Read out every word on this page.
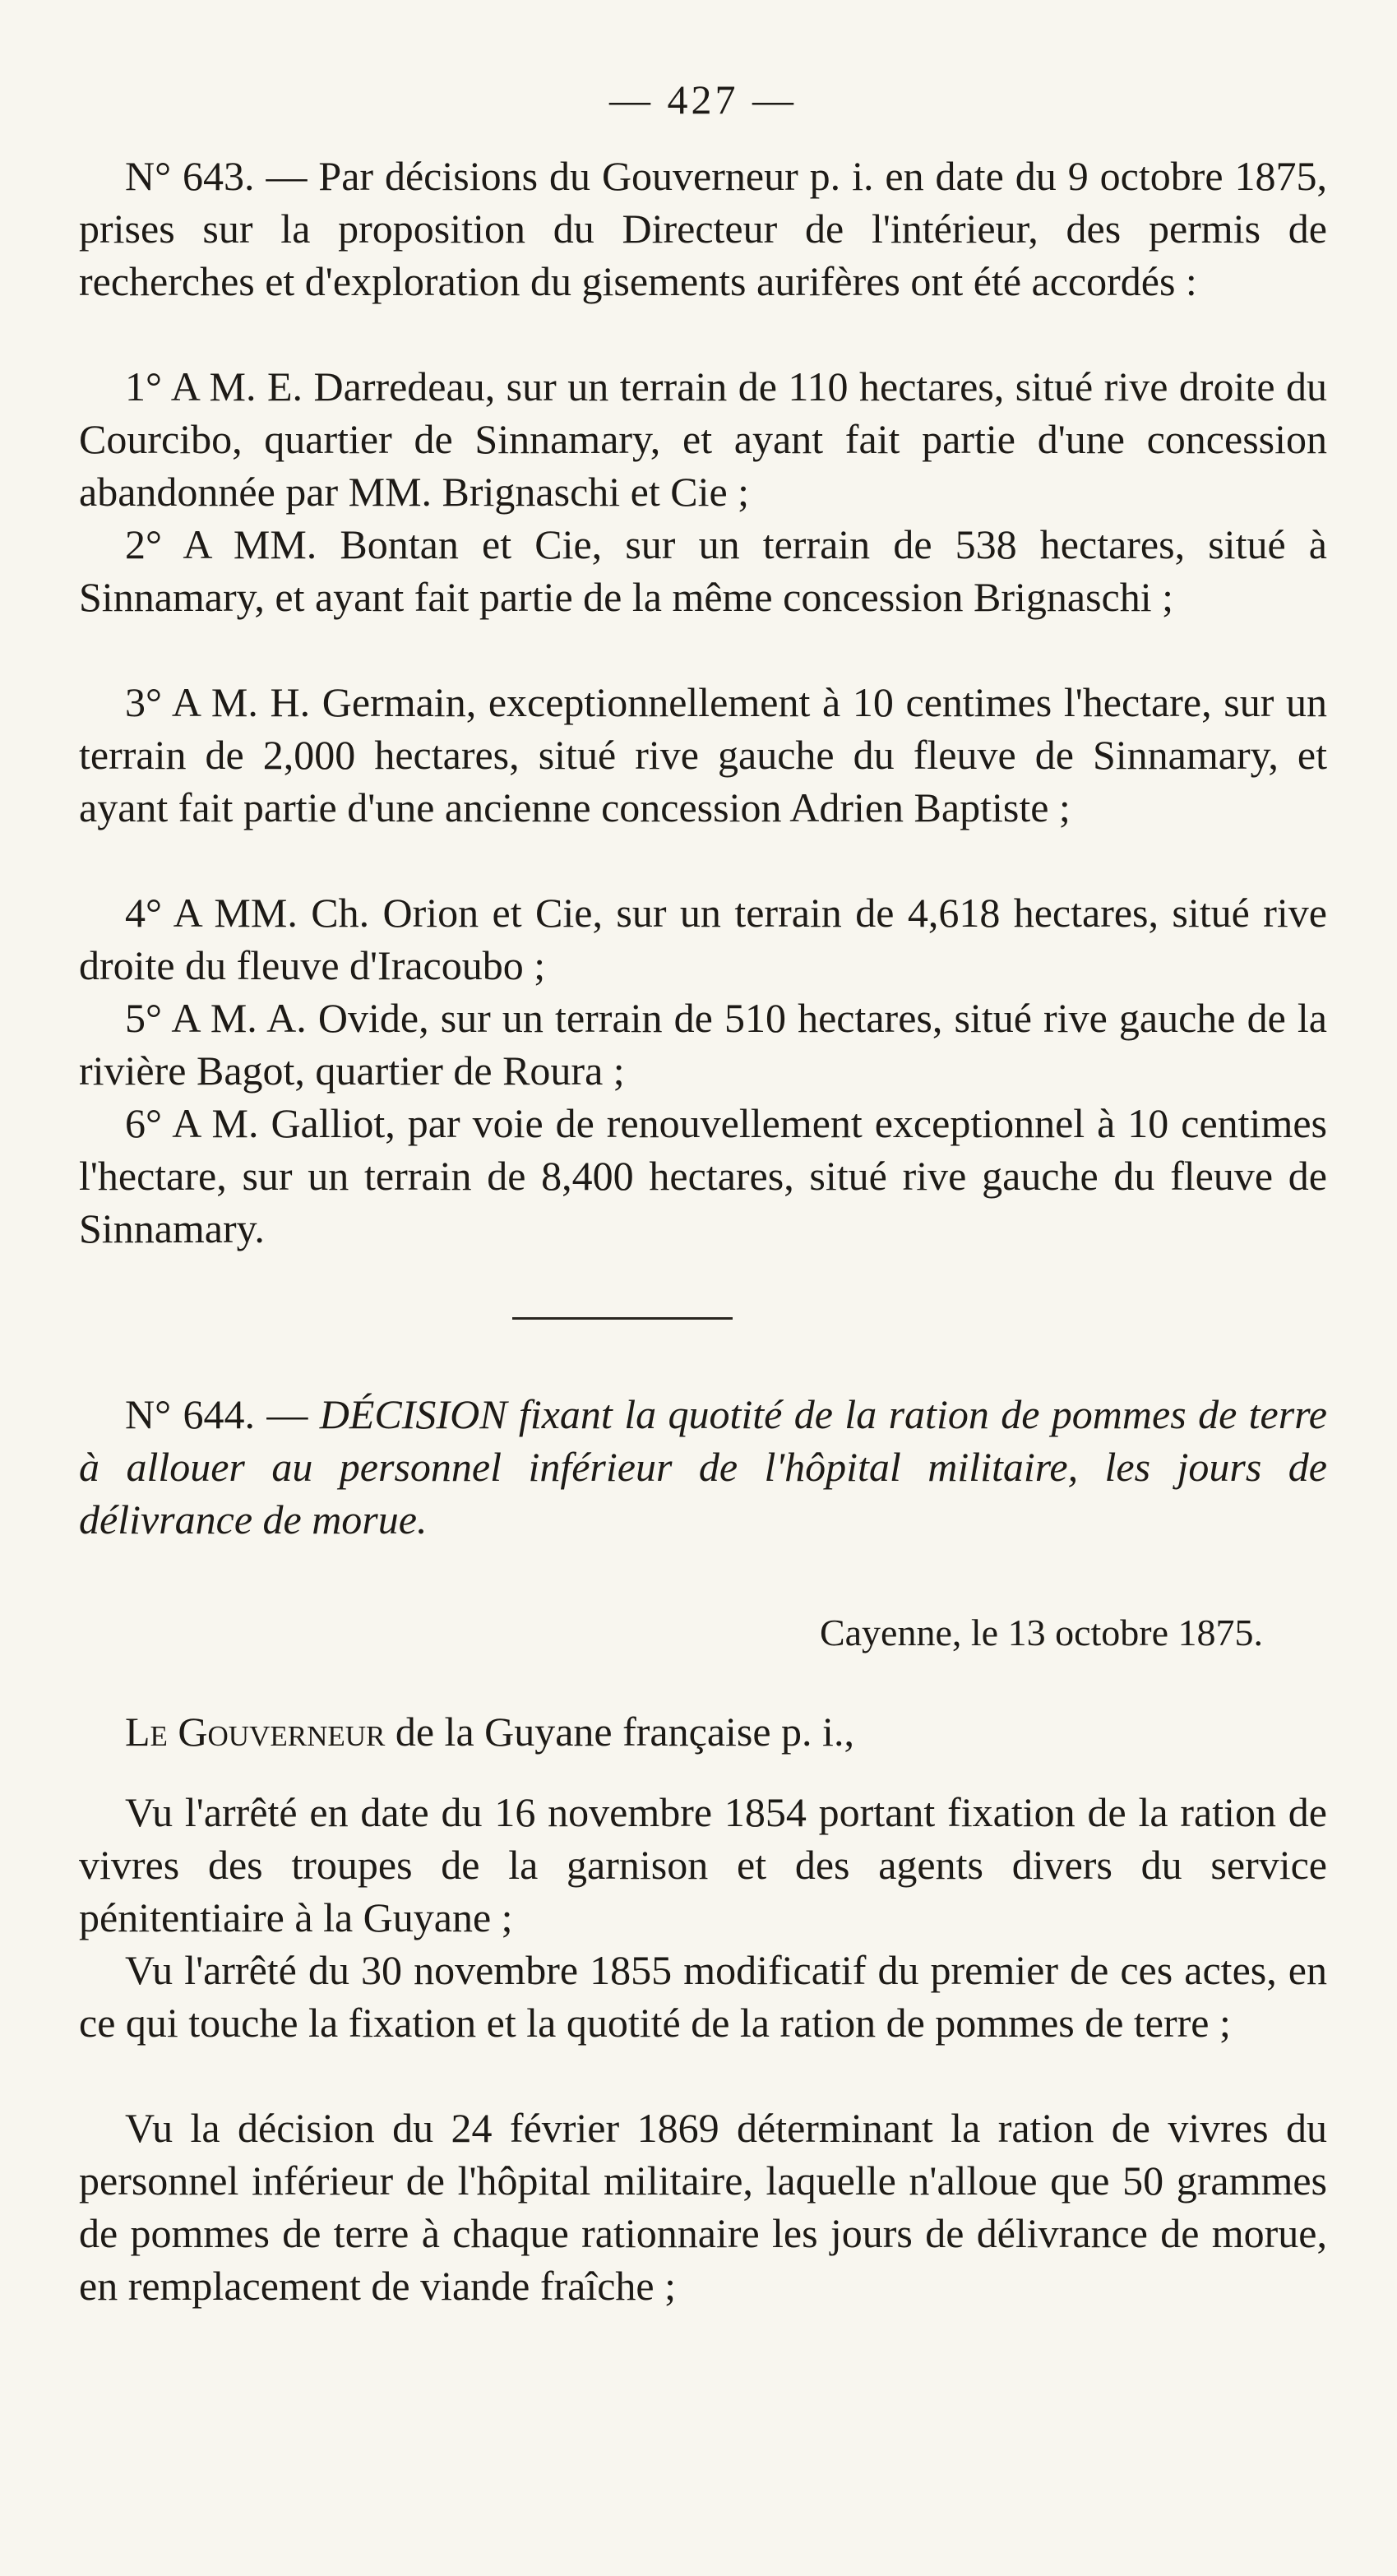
— 427 —

N° 643. — Par décisions du Gouverneur p. i. en date du 9 octobre 1875, prises sur la proposition du Directeur de l'intérieur, des permis de recherches et d'exploration du gisements aurifères ont été accordés :

1° A M. E. Darredeau, sur un terrain de 110 hectares, situé rive droite du Courcibo, quartier de Sinnamary, et ayant fait partie d'une concession abandonnée par MM. Brignaschi et Cie ;

2° A MM. Bontan et Cie, sur un terrain de 538 hectares, situé à Sinnamary, et ayant fait partie de la même concession Brignaschi ;

3° A M. H. Germain, exceptionnellement à 10 centimes l'hectare, sur un terrain de 2,000 hectares, situé rive gauche du fleuve de Sinnamary, et ayant fait partie d'une ancienne concession Adrien Baptiste ;

4° A MM. Ch. Orion et Cie, sur un terrain de 4,618 hectares, situé rive droite du fleuve d'Iracoubo ;

5° A M. A. Ovide, sur un terrain de 510 hectares, situé rive gauche de la rivière Bagot, quartier de Roura ;

6° A M. Galliot, par voie de renouvellement exceptionnel à 10 centimes l'hectare, sur un terrain de 8,400 hectares, situé rive gauche du fleuve de Sinnamary.

N° 644. — DÉCISION fixant la quotité de la ration de pommes de terre à allouer au personnel inférieur de l'hôpital militaire, les jours de délivrance de morue.

Cayenne, le 13 octobre 1875.

Le Gouverneur de la Guyane française p. i.,

Vu l'arrêté en date du 16 novembre 1854 portant fixation de la ration de vivres des troupes de la garnison et des agents divers du service pénitentiaire à la Guyane ;

Vu l'arrêté du 30 novembre 1855 modificatif du premier de ces actes, en ce qui touche la fixation et la quotité de la ration de pommes de terre ;

Vu la décision du 24 février 1869 déterminant la ration de vivres du personnel inférieur de l'hôpital militaire, laquelle n'alloue que 50 grammes de pommes de terre à chaque rationnaire les jours de délivrance de morue, en remplacement de viande fraîche ;
